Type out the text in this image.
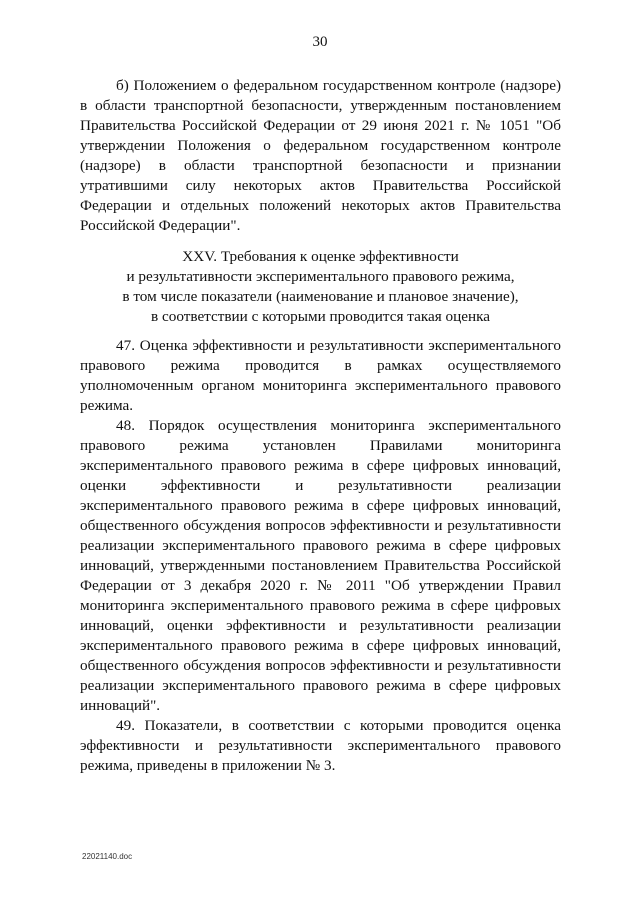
30

б) Положением о федеральном государственном контроле (надзоре) в области транспортной безопасности, утвержденным постановлением Правительства Российской Федерации от 29 июня 2021 г. № 1051 "Об утверждении Положения о федеральном государственном контроле (надзоре) в области транспортной безопасности и признании утратившими силу некоторых актов Правительства Российской Федерации и отдельных положений некоторых актов Правительства Российской Федерации".

XXV. Требования к оценке эффективности
и результативности экспериментального правового режима,
в том числе показатели (наименование и плановое значение),
в соответствии с которыми проводится такая оценка

47. Оценка эффективности и результативности экспериментального правового режима проводится в рамках осуществляемого уполномоченным органом мониторинга экспериментального правового режима.

48. Порядок осуществления мониторинга экспериментального правового режима установлен Правилами мониторинга экспериментального правового режима в сфере цифровых инноваций, оценки эффективности и результативности реализации экспериментального правового режима в сфере цифровых инноваций, общественного обсуждения вопросов эффективности и результативности реализации экспериментального правового режима в сфере цифровых инноваций, утвержденными постановлением Правительства Российской Федерации от 3 декабря 2020 г. № 2011 "Об утверждении Правил мониторинга экспериментального правового режима в сфере цифровых инноваций, оценки эффективности и результативности реализации экспериментального правового режима в сфере цифровых инноваций, общественного обсуждения вопросов эффективности и результативности реализации экспериментального правового режима в сфере цифровых инноваций".

49. Показатели, в соответствии с которыми проводится оценка эффективности и результативности экспериментального правового режима, приведены в приложении № 3.

22021140.doc
